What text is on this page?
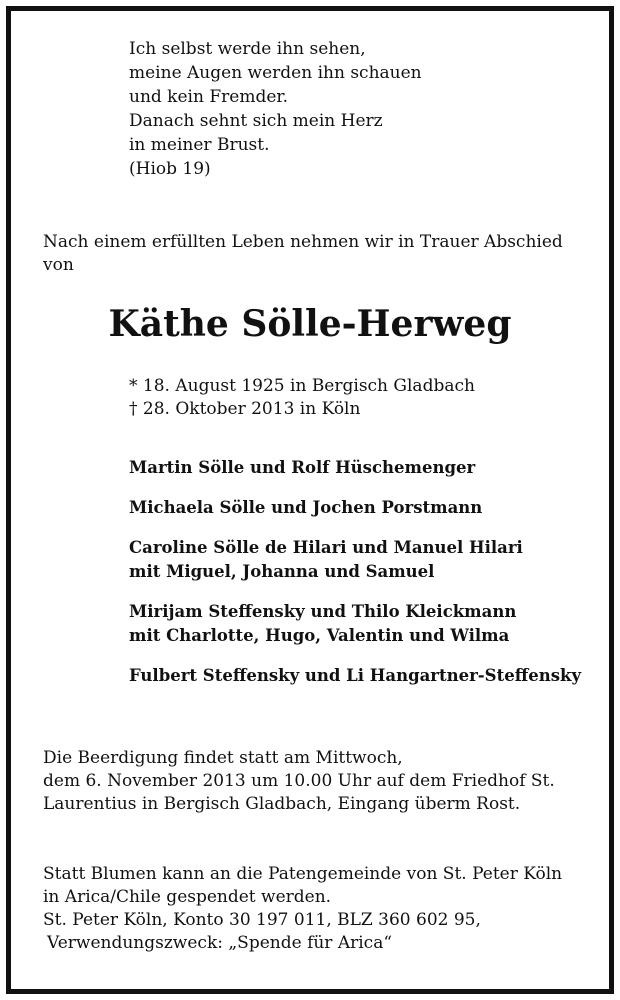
Ich selbst werde ihn sehen,
meine Augen werden ihn schauen
und kein Fremder.
Danach sehnt sich mein Herz
in meiner Brust.
(Hiob 19)
Nach einem erfüllten Leben nehmen wir in Trauer Abschied
von
Käthe Sölle-Herweg
* 18. August 1925 in Bergisch Gladbach
† 28. Oktober 2013 in Köln
Martin Sölle und Rolf Hüschemenger
Michaela Sölle und Jochen Porstmann
Caroline Sölle de Hilari und Manuel Hilari
mit Miguel, Johanna und Samuel
Mirijam Steffensky und Thilo Kleickmann
mit Charlotte, Hugo, Valentin und Wilma
Fulbert Steffensky und Li Hangartner-Steffensky
Die Beerdigung findet statt am Mittwoch,
dem 6. November 2013 um 10.00 Uhr auf dem Friedhof St.
Laurentius in Bergisch Gladbach, Eingang überm Rost.
Statt Blumen kann an die Patengemeinde von St. Peter Köln
in Arica/Chile gespendet werden.
St. Peter Köln, Konto 30 197 011, BLZ 360 602 95,
Verwendungszweck: „Spende für Arica“
